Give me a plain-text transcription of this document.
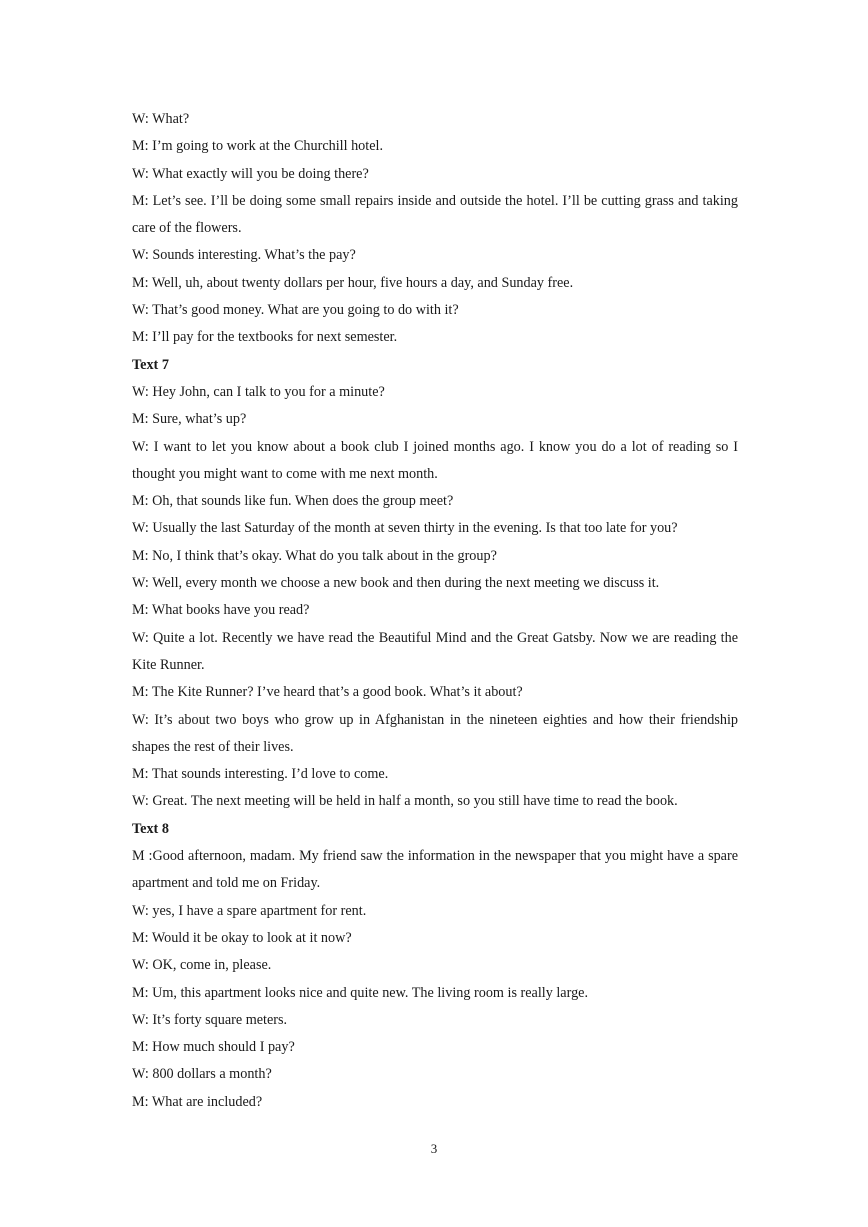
W: What?

M: I’m going to work at the Churchill hotel.

W: What exactly will you be doing there?

M: Let’s see. I’ll be doing some small repairs inside and outside the hotel. I’ll be cutting grass and taking care of the flowers.

W: Sounds interesting. What’s the pay?

M: Well, uh, about twenty dollars per hour, five hours a day, and Sunday free.

W: That’s good money. What are you going to do with it?

M: I’ll pay for the textbooks for next semester.

Text 7

W: Hey John, can I talk to you for a minute?

M: Sure, what’s up?

W: I want to let you know about a book club I joined months ago. I know you do a lot of reading so I thought you might want to come with me next month.

M: Oh, that sounds like fun. When does the group meet?

W: Usually the last Saturday of the month at seven thirty in the evening. Is that too late for you?

M: No, I think that’s okay. What do you talk about in the group?

W: Well, every month we choose a new book and then during the next meeting we discuss it.

M: What books have you read?

W: Quite a lot. Recently we have read the Beautiful Mind and the Great Gatsby. Now we are reading the Kite Runner.

M: The Kite Runner? I’ve heard that’s a good book. What’s it about?

W: It’s about two boys who grow up in Afghanistan in the nineteen eighties and how their friendship shapes the rest of their lives.

M: That sounds interesting. I’d love to come.

W: Great. The next meeting will be held in half a month, so you still have time to read the book.

Text 8

M :Good afternoon, madam. My friend saw the information in the newspaper that you might have a spare apartment and told me on Friday.

W: yes, I have a spare apartment for rent.

M: Would it be okay to look at it now?

W: OK, come in, please.

M: Um, this apartment looks nice and quite new. The living room is really large.

W: It’s forty square meters.

M: How much should I pay?

W: 800 dollars a month?

M: What are included?

3
